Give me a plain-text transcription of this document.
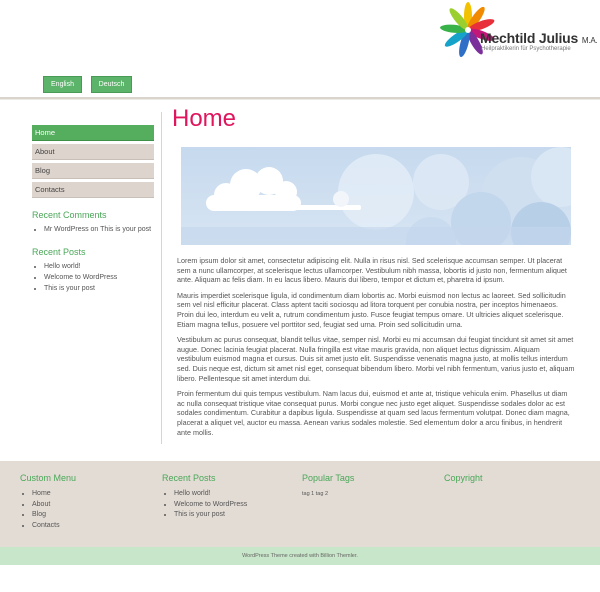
Mechtild Julius M.A.
Heilpraktikerin für Psychotherapie
English	Deutsch
Home
About
Blog
Contacts
Recent Comments
• Mr WordPress on This is your post
Recent Posts
• Hello world!
• Welcome to WordPress
• This is your post
Home

Lorem ipsum dolor sit amet, consectetur adipiscing elit. Nulla in risus nisl. Sed scelerisque accumsan semper. Ut placerat sem a nunc ullamcorper, at scelerisque lectus ullamcorper. Vestibulum nibh massa, lobortis id justo non, fermentum aliquet ante. Aliquam ac felis diam. In eu lacus libero. Mauris dui libero, tempor et dictum et, pharetra id ipsum.

Mauris imperdiet scelerisque ligula, id condimentum diam lobortis ac. Morbi euismod non lectus ac laoreet. Sed sollicitudin sem vel nisl efficitur placerat. Class aptent taciti sociosqu ad litora torquent per conubia nostra, per inceptos himenaeos. Proin dui leo, interdum eu velit a, rutrum condimentum justo. Fusce feugiat tempus ornare. Ut ultricies aliquet scelerisque. Etiam magna tellus, posuere vel porttitor sed, feugiat sed urna. Proin sed sollicitudin urna.

Vestibulum ac purus consequat, blandit tellus vitae, semper nisl. Morbi eu mi accumsan dui feugiat tincidunt sit amet sit amet augue. Donec lacinia feugiat placerat. Nulla fringilla est vitae mauris gravida, non aliquet lectus dignissim. Aliquam vestibulum euismod magna et cursus. Duis sit amet justo elit. Suspendisse venenatis magna justo, at mollis tellus interdum sed. Duis neque est, dictum sit amet nisl eget, consequat bibendum libero. Morbi vel nibh fermentum, varius justo et, aliquam libero. Pellentesque sit amet interdum dui.

Proin fermentum dui quis tempus vestibulum. Nam lacus dui, euismod et ante at, tristique vehicula enim. Phasellus ut diam ac nulla consequat tristique vitae consequat purus. Morbi congue nec justo eget aliquet. Suspendisse sodales dolor ac est sodales condimentum. Curabitur a dapibus ligula. Suspendisse at quam sed lacus fermentum volutpat. Donec diam magna, placerat a aliquet vel, auctor eu massa. Aenean varius sodales molestie. Sed elementum dolor a arcu finibus, in hendrerit ante mollis.

Custom Menu
• Home
• About
• Blog
• Contacts
Recent Posts
• Hello world!
• Welcome to WordPress
• This is your post
Popular Tags
tag 1 tag 2
Copyright
WordPress Theme created with Billion Themler.
